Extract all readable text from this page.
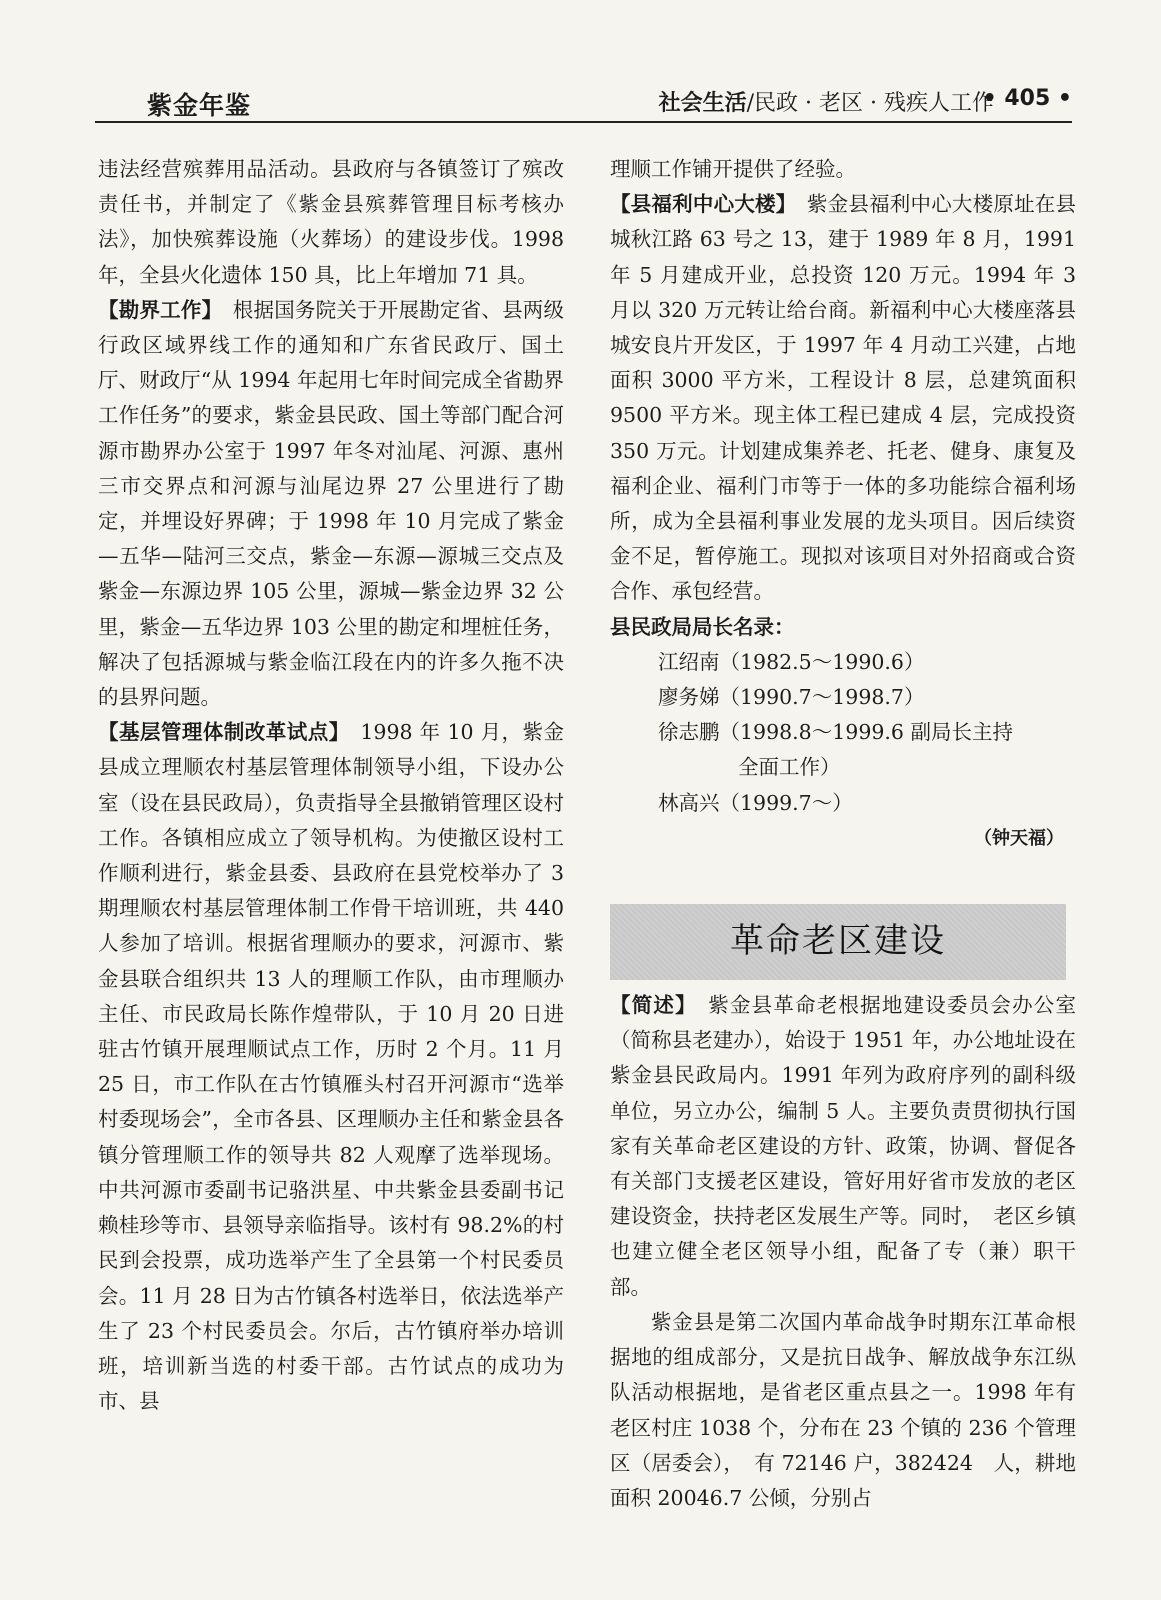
紫金年鉴	社会生活/民政 · 老区 · 残疾人工作
• 405 •

违法经营殡葬用品活动。县政府与各镇签订了殡改责任书，并制定了《紫金县殡葬管理目标考核办法》，加快殡葬设施（火葬场）的建设步伐。1998 年，全县火化遗体 150 具，比上年增加 71 具。

【勘界工作】　根据国务院关于开展勘定省、县两级行政区域界线工作的通知和广东省民政厅、国土厅、财政厅“从 1994 年起用七年时间完成全省勘界工作任务”的要求，紫金县民政、国土等部门配合河源市勘界办公室于 1997 年冬对汕尾、河源、惠州三市交界点和河源与汕尾边界 27 公里进行了勘定，并埋设好界碑；于 1998 年 10 月完成了紫金—五华—陆河三交点，紫金—东源—源城三交点及紫金—东源边界 105 公里，源城—紫金边界 32 公里，紫金—五华边界 103 公里的勘定和埋桩任务，解决了包括源城与紫金临江段在内的许多久拖不决的县界问题。

【基层管理体制改革试点】　1998 年 10 月，紫金县成立理顺农村基层管理体制领导小组，下设办公室（设在县民政局），负责指导全县撤销管理区设村工作。各镇相应成立了领导机构。为使撤区设村工作顺利进行，紫金县委、县政府在县党校举办了 3 期理顺农村基层管理体制工作骨干培训班，共 440 人参加了培训。根据省理顺办的要求，河源市、紫金县联合组织共 13 人的理顺工作队，由市理顺办主任、市民政局长陈作煌带队，于 10 月 20 日进驻古竹镇开展理顺试点工作，历时 2 个月。11 月 25 日，市工作队在古竹镇雁头村召开河源市“选举村委现场会”，全市各县、区理顺办主任和紫金县各镇分管理顺工作的领导共 82 人观摩了选举现场。中共河源市委副书记骆洪星、中共紫金县委副书记赖桂珍等市、县领导亲临指导。该村有 98.2%的村民到会投票，成功选举产生了全县第一个村民委员会。11 月 28 日为古竹镇各村选举日，依法选举产生了 23 个村民委员会。尔后，古竹镇府举办培训班，培训新当选的村委干部。古竹试点的成功为市、县

理顺工作铺开提供了经验。

【县福利中心大楼】　紫金县福利中心大楼原址在县城秋江路 63 号之 13，建于 1989 年 8 月，1991 年 5 月建成开业，总投资 120 万元。1994 年 3 月以 320 万元转让给台商。新福利中心大楼座落县城安良片开发区，于 1997 年 4 月动工兴建，占地面积 3000 平方米，工程设计 8 层，总建筑面积 9500 平方米。现主体工程已建成 4 层，完成投资 350 万元。计划建成集养老、托老、健身、康复及福利企业、福利门市等于一体的多功能综合福利场所，成为全县福利事业发展的龙头项目。因后续资金不足，暂停施工。现拟对该项目对外招商或合资合作、承包经营。

县民政局局长名录：

江绍南（1982.5～1990.6）
廖务娣（1990.7～1998.7）
徐志鹏（1998.8～1999.6 副局长主持
全面工作）
林高兴（1999.7～）

（钟天福）

革命老区建设

【简述】　紫金县革命老根据地建设委员会办公室（简称县老建办），始设于 1951 年，办公地址设在紫金县民政局内。1991 年列为政府序列的副科级单位，另立办公，编制 5 人。主要负责贯彻执行国家有关革命老区建设的方针、政策，协调、督促各有关部门支援老区建设，管好用好省市发放的老区建设资金，扶持老区发展生产等。同时，　老区乡镇也建立健全老区领导小组，配备了专（兼）职干部。

紫金县是第二次国内革命战争时期东江革命根据地的组成部分，又是抗日战争、解放战争东江纵队活动根据地，是省老区重点县之一。1998 年有老区村庄 1038 个，分布在 23 个镇的 236 个管理区（居委会），　有 72146 户，382424　人，耕地面积 20046.7 公倾，分别占
